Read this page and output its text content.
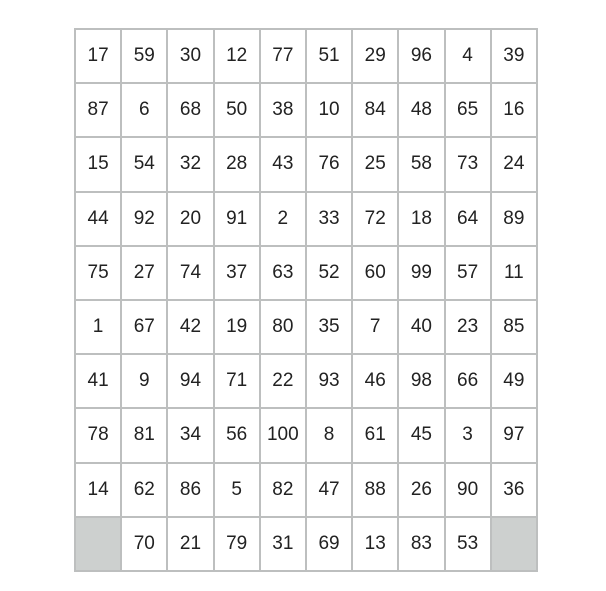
17	59	30	12	77	51	29	96	4	39
87	6	68	50	38	10	84	48	65	16
15	54	32	28	43	76	25	58	73	24
44	92	20	91	2	33	72	18	64	89
75	27	74	37	63	52	60	99	57	11
1	67	42	19	80	35	7	40	23	85
41	9	94	71	22	93	46	98	66	49
78	81	34	56	100	8	61	45	3	97
14	62	86	5	82	47	88	26	90	36
	70	21	79	31	69	13	83	53	
